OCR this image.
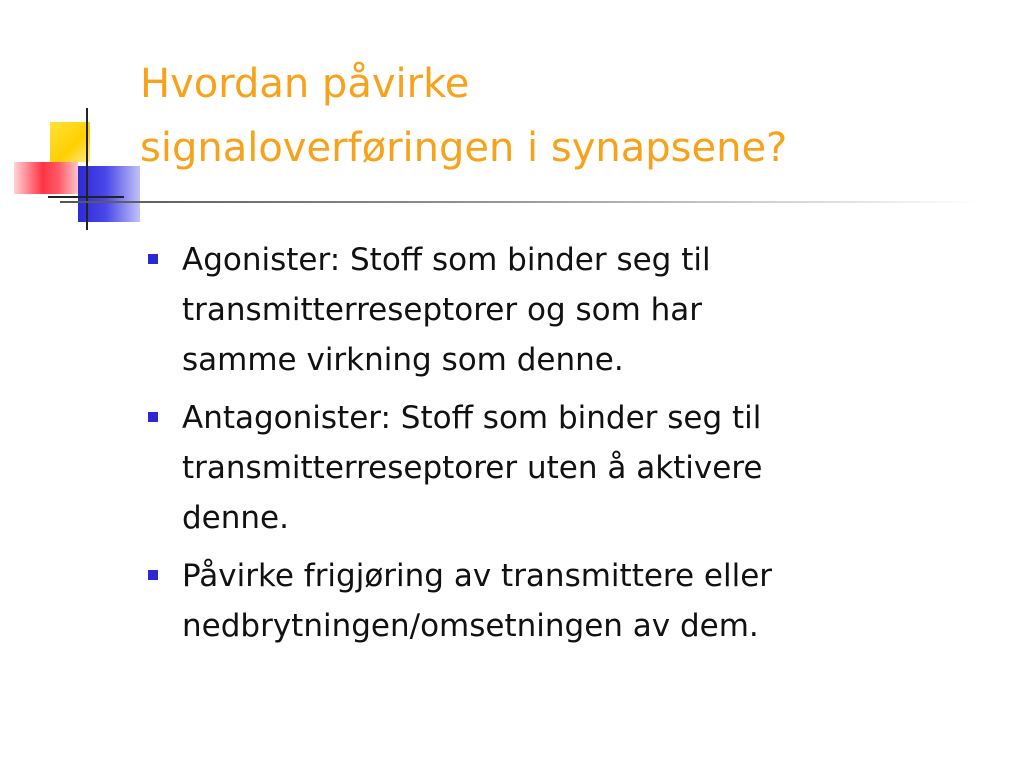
Hvordan påvirke
signaloverføringen i synapsene?
Agonister: Stoff som binder seg til
transmitterreseptorer og som har
samme virkning som denne.
Antagonister: Stoff som binder seg til
transmitterreseptorer uten å aktivere
denne.
Påvirke frigjøring av transmittere eller
nedbrytningen/omsetningen av dem.
